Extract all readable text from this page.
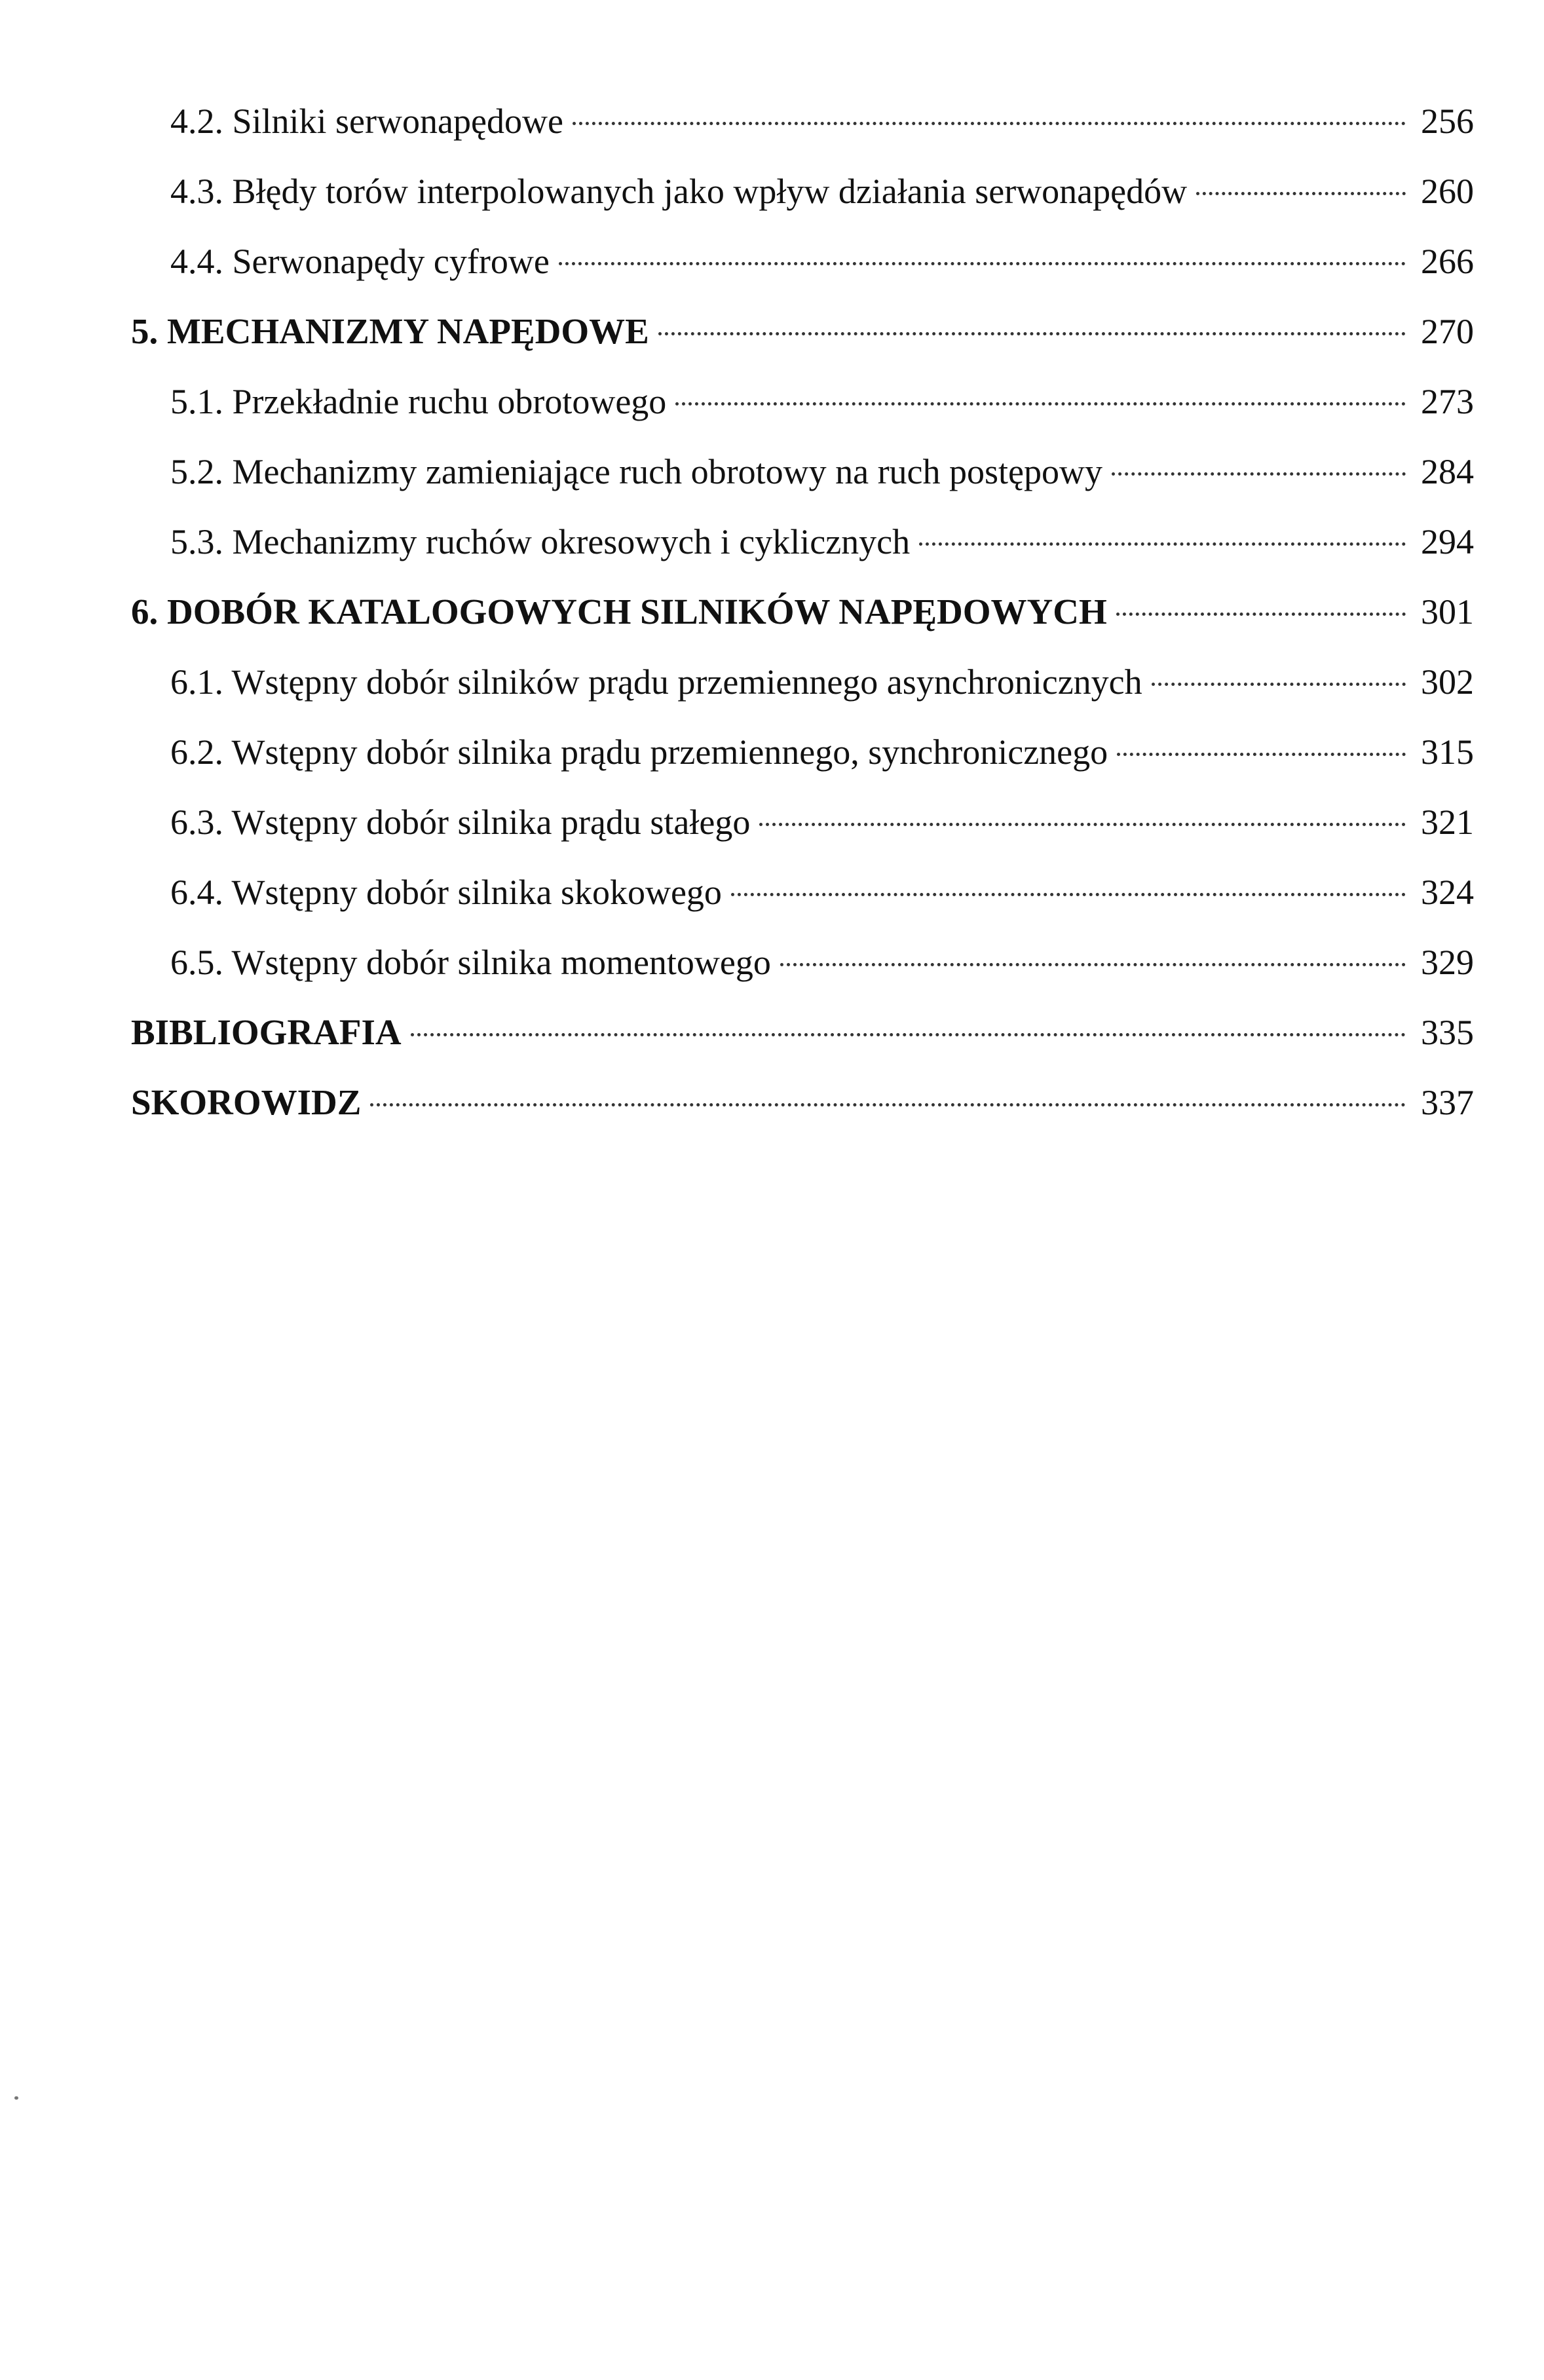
4.2. Silniki serwonapędowe	256
4.3. Błędy torów interpolowanych jako wpływ działania serwonapędów	260
4.4. Serwonapędy cyfrowe	266
5. MECHANIZMY NAPĘDOWE	270
5.1. Przekładnie ruchu obrotowego	273
5.2. Mechanizmy zamieniające ruch obrotowy na ruch postępowy	284
5.3. Mechanizmy ruchów okresowych i cyklicznych	294
6. DOBÓR KATALOGOWYCH SILNIKÓW NAPĘDOWYCH	301
6.1. Wstępny dobór silników prądu przemiennego asynchronicznych	302
6.2. Wstępny dobór silnika prądu przemiennego, synchronicznego	315
6.3. Wstępny dobór silnika prądu stałego	321
6.4. Wstępny dobór silnika skokowego	324
6.5. Wstępny dobór silnika momentowego	329
BIBLIOGRAFIA	335
SKOROWIDZ	337
